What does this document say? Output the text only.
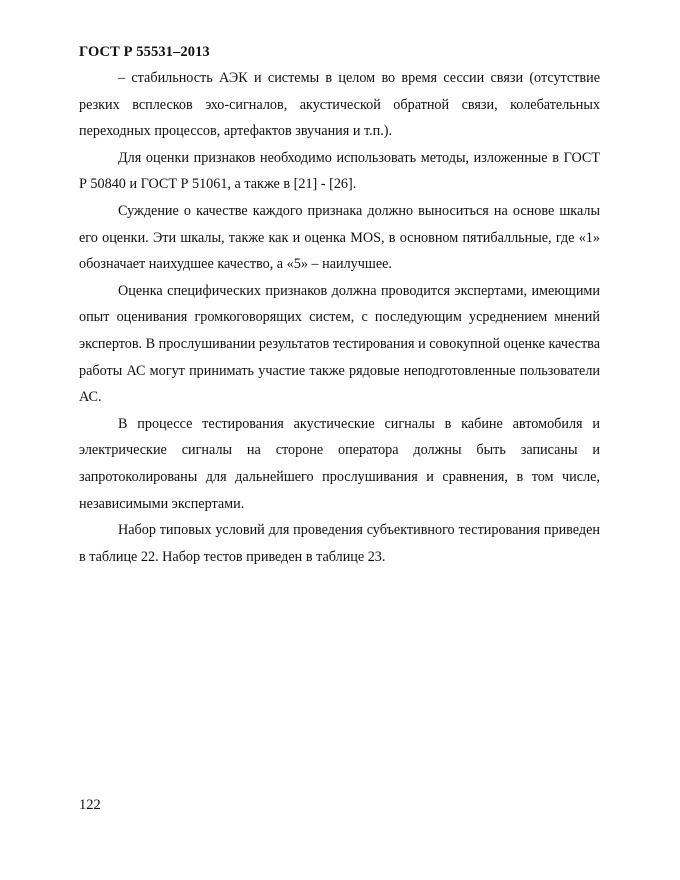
ГОСТ Р 55531–2013

– стабильность АЭК и системы в целом во время сессии связи (отсутствие резких всплесков эхо-сигналов, акустической обратной связи, колебательных переходных процессов, артефактов звучания и т.п.).

Для оценки признаков необходимо использовать методы, изложенные в ГОСТ Р 50840 и ГОСТ Р 51061, а также в [21] - [26].

Суждение о качестве каждого признака должно выноситься на основе шкалы его оценки. Эти шкалы, также как и оценка MOS, в основном пятибалльные, где «1» обозначает наихудшее качество, а «5» – наилучшее.

Оценка специфических признаков должна проводится экспертами, имеющими опыт оценивания громкоговорящих систем, с последующим усреднением мнений экспертов. В прослушивании результатов тестирования и совокупной оценке качества работы АС могут принимать участие также рядовые неподготовленные пользователи АС.

В процессе тестирования акустические сигналы в кабине автомобиля и электрические сигналы на стороне оператора должны быть записаны и запротоколированы для дальнейшего прослушивания и сравнения, в том числе, независимыми экспертами.

Набор типовых условий для проведения субъективного тестирования приведен в таблице 22. Набор тестов приведен в таблице 23.

122
